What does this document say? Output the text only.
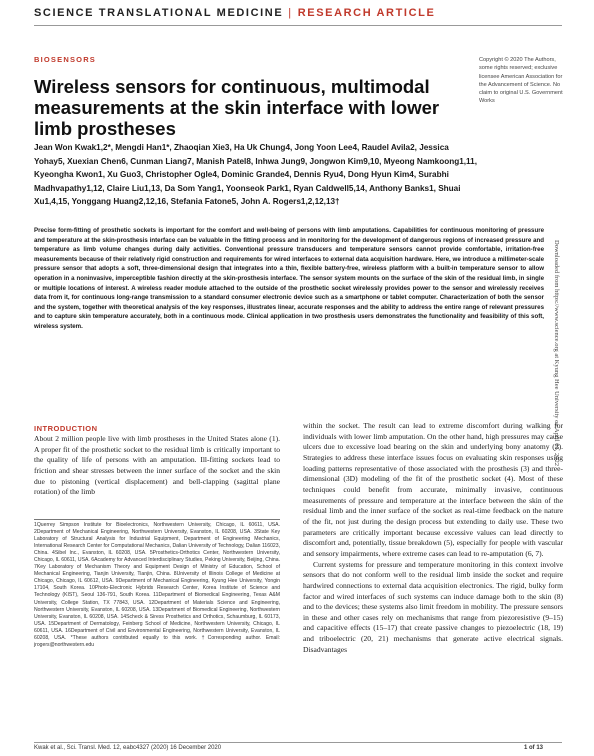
SCIENCE TRANSLATIONAL MEDICINE | RESEARCH ARTICLE
BIOSENSORS
Wireless sensors for continuous, multimodal measurements at the skin interface with lower limb prostheses
Copyright © 2020 The Authors, some rights reserved; exclusive licensee American Association for the Advancement of Science. No claim to original U.S. Government Works
Jean Won Kwak1,2*, Mengdi Han1*, Zhaoqian Xie3, Ha Uk Chung4, Jong Yoon Lee4, Raudel Avila2, Jessica Yohay5, Xuexian Chen6, Cunman Liang7, Manish Patel8, Inhwa Jung9, Jongwon Kim9,10, Myeong Namkoong1,11, Kyeongha Kwon1, Xu Guo3, Christopher Ogle4, Dominic Grande4, Dennis Ryu4, Dong Hyun Kim4, Surabhi Madhvapathy1,12, Claire Liu1,13, Da Som Yang1, Yoonseok Park1, Ryan Caldwell5,14, Anthony Banks1, Shuai Xu1,4,15, Yonggang Huang2,12,16, Stefania Fatone5, John A. Rogers1,2,12,13†
Precise form-fitting of prosthetic sockets is important for the comfort and well-being of persons with limb amputations. Capabilities for continuous monitoring of pressure and temperature at the skin-prosthesis interface can be valuable in the fitting process and in monitoring for the development of dangerous regions of increased pressure and temperature as limb volume changes during daily activities. Conventional pressure transducers and temperature sensors cannot provide comfortable, irritation-free measurements because of their relatively rigid construction and requirements for wired interfaces to external data acquisition hardware. Here, we introduce a millimeter-scale pressure sensor that adopts a soft, three-dimensional design that integrates into a thin, flexible battery-free, wireless platform with a built-in temperature sensor to allow operation in a noninvasive, imperceptible fashion directly at the skin-prosthesis interface. The sensor system mounts on the surface of the skin of the residual limb, in single or multiple locations of interest. A wireless reader module attached to the outside of the prosthetic socket wirelessly provides power to the sensor and wirelessly receives data from it, for continuous long-range transmission to a standard consumer electronic device such as a smartphone or tablet computer. Characterization of both the sensor and the system, together with theoretical analysis of the key responses, illustrates linear, accurate responses and the ability to address the entire range of relevant pressures and to capture skin temperature accurately, both in a continuous mode. Clinical application in two prosthesis users demonstrates the functionality and feasibility of this soft, wireless system.	Downloaded from https://www.science.org at Kyung Hee University on April 05, 2022
INTRODUCTION

About 2 million people live with limb prostheses in the United States alone (1). A proper fit of the prosthetic socket to the residual limb is critically important to the quality of life of persons with an amputation. Ill-fitting sockets lead to friction and shear stresses between the inner surface of the socket and the skin due to pistoning (vertical displacement) and bell-clapping (sagittal plane rotation) of the limb

1Querrey Simpson Institute for Bioelectronics, Northwestern University, Chicago, IL 60611, USA. 2Department of Mechanical Engineering, Northwestern University, Evanston, IL 60208, USA. 3State Key Laboratory of Structural Analysis for Industrial Equipment, Department of Engineering Mechanics, International Research Center for Computational Mechanics, Dalian University of Technology, Dalian 116023, China. 4Sibel Inc., Evanston, IL 60208, USA. 5Prosthetics-Orthotics Center, Northwestern University, Chicago, IL 60611, USA. 6Academy for Advanced Interdisciplinary Studies, Peking University, Beijing, China. 7Key Laboratory of Mechanism Theory and Equipment Design of Ministry of Education, School of Mechanical Engineering, Tianjin University, Tianjin, China. 8University of Illinois College of Medicine at Chicago, Chicago, IL 60612, USA. 9Department of Mechanical Engineering, Kyung Hee University, Yongin 17104, South Korea. 10Photo-Electronic Hybrids Research Center, Korea Institute of Science and Technology (KIST), Seoul 136-791, South Korea. 11Department of Biomedical Engineering, Texas A&M University, College Station, TX 77843, USA. 12Department of Materials Science and Engineering, Northwestern University, Evanston, IL 60208, USA. 13Department of Biomedical Engineering, Northwestern University, Evanston, IL 60208, USA. 14Scheck & Siress Prosthetics and Orthotics, Schaumburg, IL 60173, USA. 15Department of Dermatology, Feinberg School of Medicine, Northwestern University, Chicago, IL 60611, USA. 16Department of Civil and Environmental Engineering, Northwestern University, Evanston, IL 60208, USA. *These authors contributed equally to this work. †Corresponding author. Email: jrogers@northwestern.edu

within the socket. The result can lead to extreme discomfort during walking for individuals with lower limb amputation. On the other hand, high pressures may cause ulcers due to excessive load bearing on the skin and underlying bony anatomy (2). Strategies to address these interface issues focus on evaluating skin responses using loading patterns representative of those associated with the prosthesis (3) and three-dimensional (3D) modeling of the fit of the prosthetic socket (4). Most of these techniques could benefit from accurate, minimally invasive, continuous measurements of pressure and temperature at the interface between the skin of the residual limb and the inner surface of the socket as real-time feedback on the nature of the fit, not just during the design process but extending to daily use. These two parameters are critically important because excessive values can lead directly to discomfort and, potentially, tissue breakdown (5), especially for people with vascular and sensory impairments, where extreme cases can lead to re-amputation (6, 7).

Current systems for pressure and temperature monitoring in this context involve sensors that do not conform well to the residual limb inside the socket and require hardwired connections to external data acquisition electronics. The rigid, bulky form factor and wired interfaces of such systems can induce damage both to the skin (8) and to the devices; these systems also limit freedom in mobility. The pressure sensors in these and other cases rely on mechanisms that range from piezoresistive (9–15) and capacitive effects (15–17) that create passive changes to piezoelectric (18, 19) and triboelectric (20, 21) mechanisms that generate active electrical signals. Disadvantages

Kwak et al., Sci. Transl. Med. 12, eabc4327 (2020) 16 December 2020	1 of 13
